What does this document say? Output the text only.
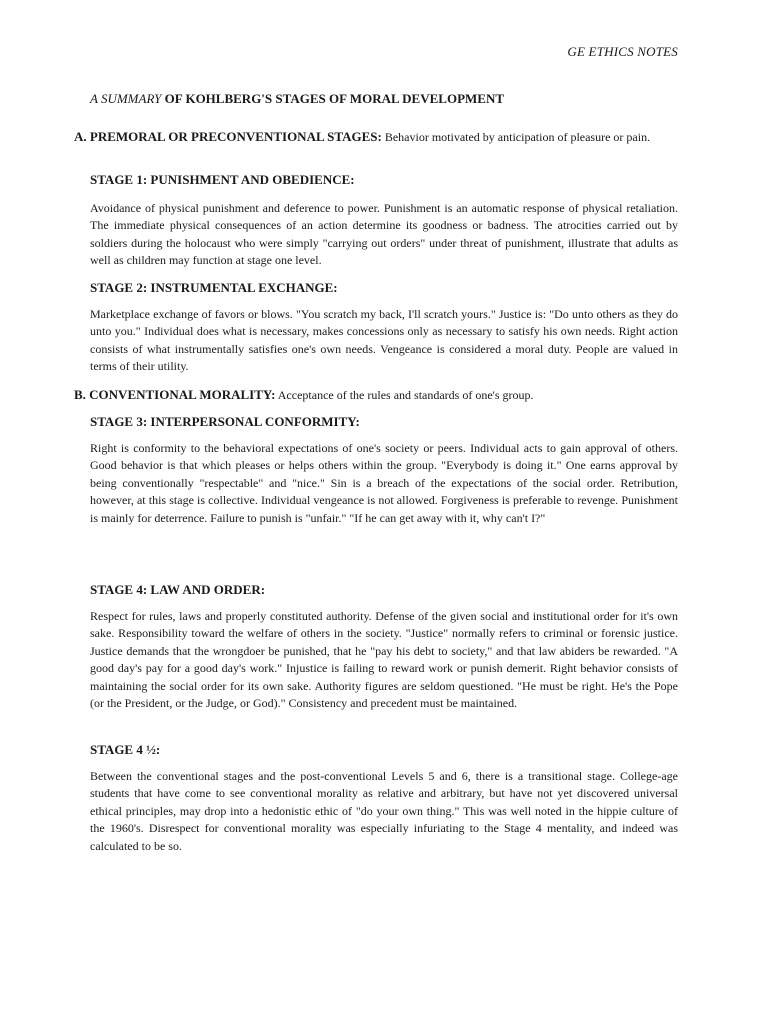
GE ETHICS NOTES
A SUMMARY OF KOHLBERG'S STAGES OF MORAL DEVELOPMENT
A. PREMORAL OR PRECONVENTIONAL STAGES: Behavior motivated by anticipation of pleasure or pain.
STAGE 1: PUNISHMENT AND OBEDIENCE:
Avoidance of physical punishment and deference to power. Punishment is an automatic response of physical retaliation. The immediate physical consequences of an action determine its goodness or badness. The atrocities carried out by soldiers during the holocaust who were simply "carrying out orders" under threat of punishment, illustrate that adults as well as children may function at stage one level.
STAGE 2: INSTRUMENTAL EXCHANGE:
Marketplace exchange of favors or blows. "You scratch my back, I'll scratch yours." Justice is: "Do unto others as they do unto you." Individual does what is necessary, makes concessions only as necessary to satisfy his own needs. Right action consists of what instrumentally satisfies one's own needs. Vengeance is considered a moral duty. People are valued in terms of their utility.
B. CONVENTIONAL MORALITY: Acceptance of the rules and standards of one's group.
STAGE 3: INTERPERSONAL CONFORMITY:
Right is conformity to the behavioral expectations of one's society or peers. Individual acts to gain approval of others. Good behavior is that which pleases or helps others within the group. "Everybody is doing it." One earns approval by being conventionally "respectable" and "nice." Sin is a breach of the expectations of the social order. Retribution, however, at this stage is collective. Individual vengeance is not allowed. Forgiveness is preferable to revenge. Punishment is mainly for deterrence. Failure to punish is "unfair." "If he can get away with it, why can't I?"
STAGE 4: LAW AND ORDER:
Respect for rules, laws and properly constituted authority. Defense of the given social and institutional order for it's own sake. Responsibility toward the welfare of others in the society. "Justice" normally refers to criminal or forensic justice. Justice demands that the wrongdoer be punished, that he "pay his debt to society," and that law abiders be rewarded. "A good day's pay for a good day's work." Injustice is failing to reward work or punish demerit. Right behavior consists of maintaining the social order for its own sake. Authority figures are seldom questioned. "He must be right. He's the Pope (or the President, or the Judge, or God)." Consistency and precedent must be maintained.
STAGE 4 ½:
Between the conventional stages and the post-conventional Levels 5 and 6, there is a transitional stage. College-age students that have come to see conventional morality as relative and arbitrary, but have not yet discovered universal ethical principles, may drop into a hedonistic ethic of "do your own thing." This was well noted in the hippie culture of the 1960's. Disrespect for conventional morality was especially infuriating to the Stage 4 mentality, and indeed was calculated to be so.
